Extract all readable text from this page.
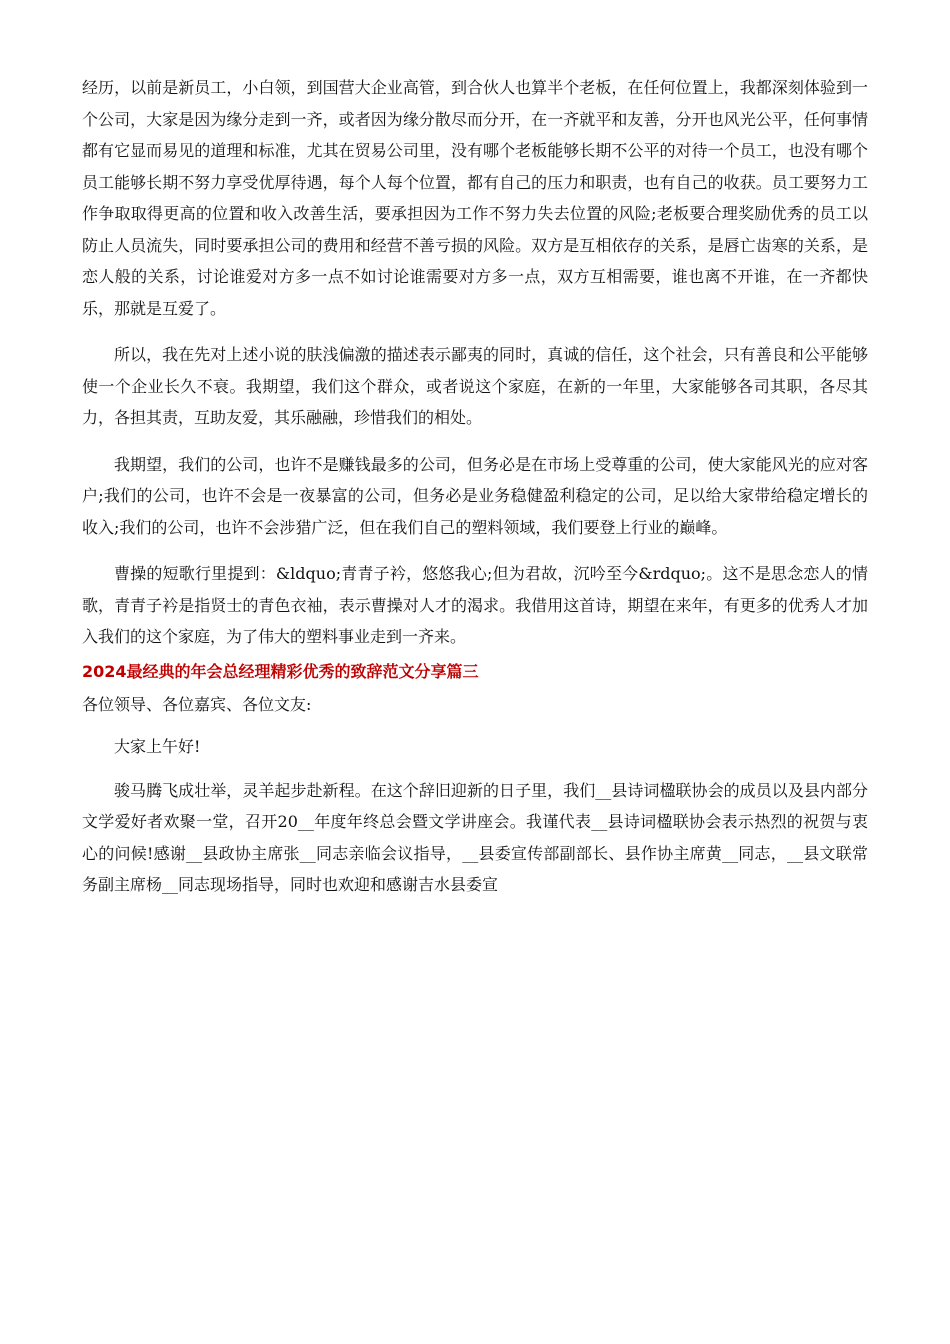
经历，以前是新员工，小白领，到国营大企业高管，到合伙人也算半个老板，在任何位置上，我都深刻体验到一个公司，大家是因为缘分走到一齐，或者因为缘分散尽而分开，在一齐就平和友善，分开也风光公平，任何事情都有它显而易见的道理和标准，尤其在贸易公司里，没有哪个老板能够长期不公平的对待一个员工，也没有哪个员工能够长期不努力享受优厚待遇，每个人每个位置，都有自己的压力和职责，也有自己的收获。员工要努力工作争取取得更高的位置和收入改善生活，要承担因为工作不努力失去位置的风险;老板要合理奖励优秀的员工以防止人员流失，同时要承担公司的费用和经营不善亏损的风险。双方是互相依存的关系，是唇亡齿寒的关系，是恋人般的关系，讨论谁爱对方多一点不如讨论谁需要对方多一点，双方互相需要，谁也离不开谁，在一齐都快乐，那就是互爱了。

所以，我在先对上述小说的肤浅偏激的描述表示鄙夷的同时，真诚的信任，这个社会，只有善良和公平能够使一个企业长久不衰。我期望，我们这个群众，或者说这个家庭，在新的一年里，大家能够各司其职，各尽其力，各担其责，互助友爱，其乐融融，珍惜我们的相处。

我期望，我们的公司，也许不是赚钱最多的公司，但务必是在市场上受尊重的公司，使大家能风光的应对客户;我们的公司，也许不会是一夜暴富的公司，但务必是业务稳健盈利稳定的公司，足以给大家带给稳定增长的收入;我们的公司，也许不会涉猎广泛，但在我们自己的塑料领域，我们要登上行业的巅峰。

曹操的短歌行里提到：&ldquo;青青子衿，悠悠我心;但为君故，沉吟至今&rdquo;。这不是思念恋人的情歌，青青子衿是指贤士的青色衣袖，表示曹操对人才的渴求。我借用这首诗，期望在来年，有更多的优秀人才加入我们的这个家庭，为了伟大的塑料事业走到一齐来。

2024最经典的年会总经理精彩优秀的致辞范文分享篇三

各位领导、各位嘉宾、各位文友:

大家上午好!

骏马腾飞成壮举，灵羊起步赴新程。在这个辞旧迎新的日子里，我们__县诗词楹联协会的成员以及县内部分文学爱好者欢聚一堂，召开20__年度年终总会暨文学讲座会。我谨代表__县诗词楹联协会表示热烈的祝贺与衷心的问候!感谢__县政协主席张__同志亲临会议指导，__县委宣传部副部长、县作协主席黄__同志，__县文联常务副主席杨__同志现场指导，同时也欢迎和感谢吉水县委宣
